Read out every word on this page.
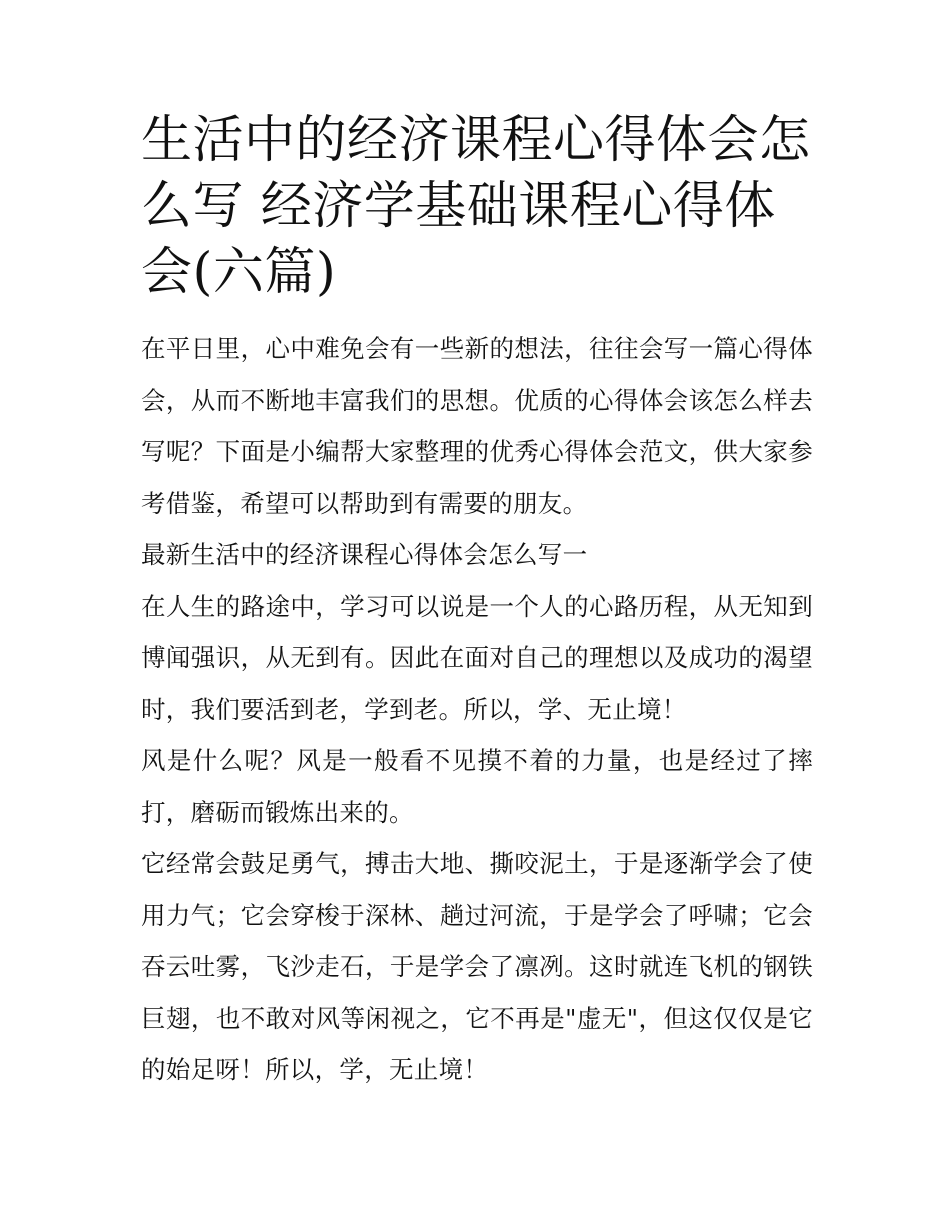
生活中的经济课程心得体会怎么写 经济学基础课程心得体会(六篇)

在平日里，心中难免会有一些新的想法，往往会写一篇心得体会，从而不断地丰富我们的思想。优质的心得体会该怎么样去写呢？下面是小编帮大家整理的优秀心得体会范文，供大家参考借鉴，希望可以帮助到有需要的朋友。

最新生活中的经济课程心得体会怎么写一

在人生的路途中，学习可以说是一个人的心路历程，从无知到博闻强识，从无到有。因此在面对自己的理想以及成功的渴望时，我们要活到老，学到老。所以，学、无止境！

风是什么呢？风是一般看不见摸不着的力量，也是经过了摔打，磨砺而锻炼出来的。

它经常会鼓足勇气，搏击大地、撕咬泥土，于是逐渐学会了使用力气；它会穿梭于深林、趟过河流，于是学会了呼啸；它会吞云吐雾，飞沙走石，于是学会了凛冽。这时就连飞机的钢铁巨翅，也不敢对风等闲视之，它不再是"虚无"，但这仅仅是它的始足呀！所以，学，无止境！
